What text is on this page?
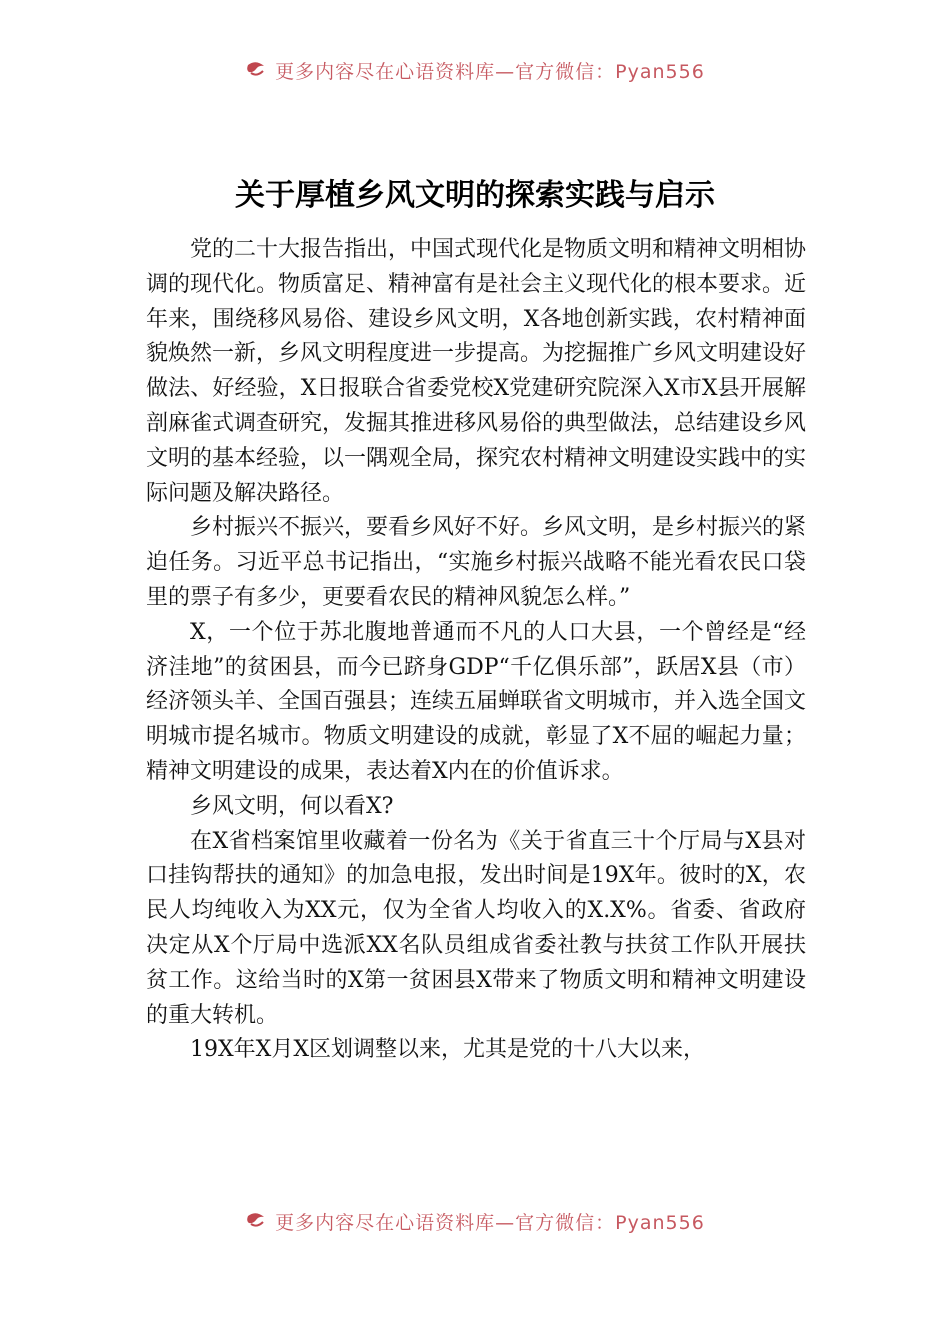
更多内容尽在心语资料库—官方微信：Pyan556
关于厚植乡风文明的探索实践与启示

党的二十大报告指出，中国式现代化是物质文明和精神文明相协调的现代化。物质富足、精神富有是社会主义现代化的根本要求。近年来，围绕移风易俗、建设乡风文明，X各地创新实践，农村精神面貌焕然一新，乡风文明程度进一步提高。为挖掘推广乡风文明建设好做法、好经验，X日报联合省委党校X党建研究院深入X市X县开展解剖麻雀式调查研究，发掘其推进移风易俗的典型做法，总结建设乡风文明的基本经验，以一隅观全局，探究农村精神文明建设实践中的实际问题及解决路径。

乡村振兴不振兴，要看乡风好不好。乡风文明，是乡村振兴的紧迫任务。习近平总书记指出，“实施乡村振兴战略不能光看农民口袋里的票子有多少，更要看农民的精神风貌怎么样。”

X，一个位于苏北腹地普通而不凡的人口大县，一个曾经是“经济洼地”的贫困县，而今已跻身GDP“千亿俱乐部”，跃居X县（市）经济领头羊、全国百强县；连续五届蝉联省文明城市，并入选全国文明城市提名城市。物质文明建设的成就，彰显了X不屈的崛起力量；精神文明建设的成果，表达着X内在的价值诉求。

乡风文明，何以看X?

在X省档案馆里收藏着一份名为《关于省直三十个厅局与X县对口挂钩帮扶的通知》的加急电报，发出时间是19X年。彼时的X，农民人均纯收入为XX元，仅为全省人均收入的X.X%。省委、省政府决定从X个厅局中选派XX名队员组成省委社教与扶贫工作队开展扶贫工作。这给当时的X第一贫困县X带来了物质文明和精神文明建设的重大转机。

19X年X月X区划调整以来，尤其是党的十八大以来，

更多内容尽在心语资料库—官方微信：Pyan556
